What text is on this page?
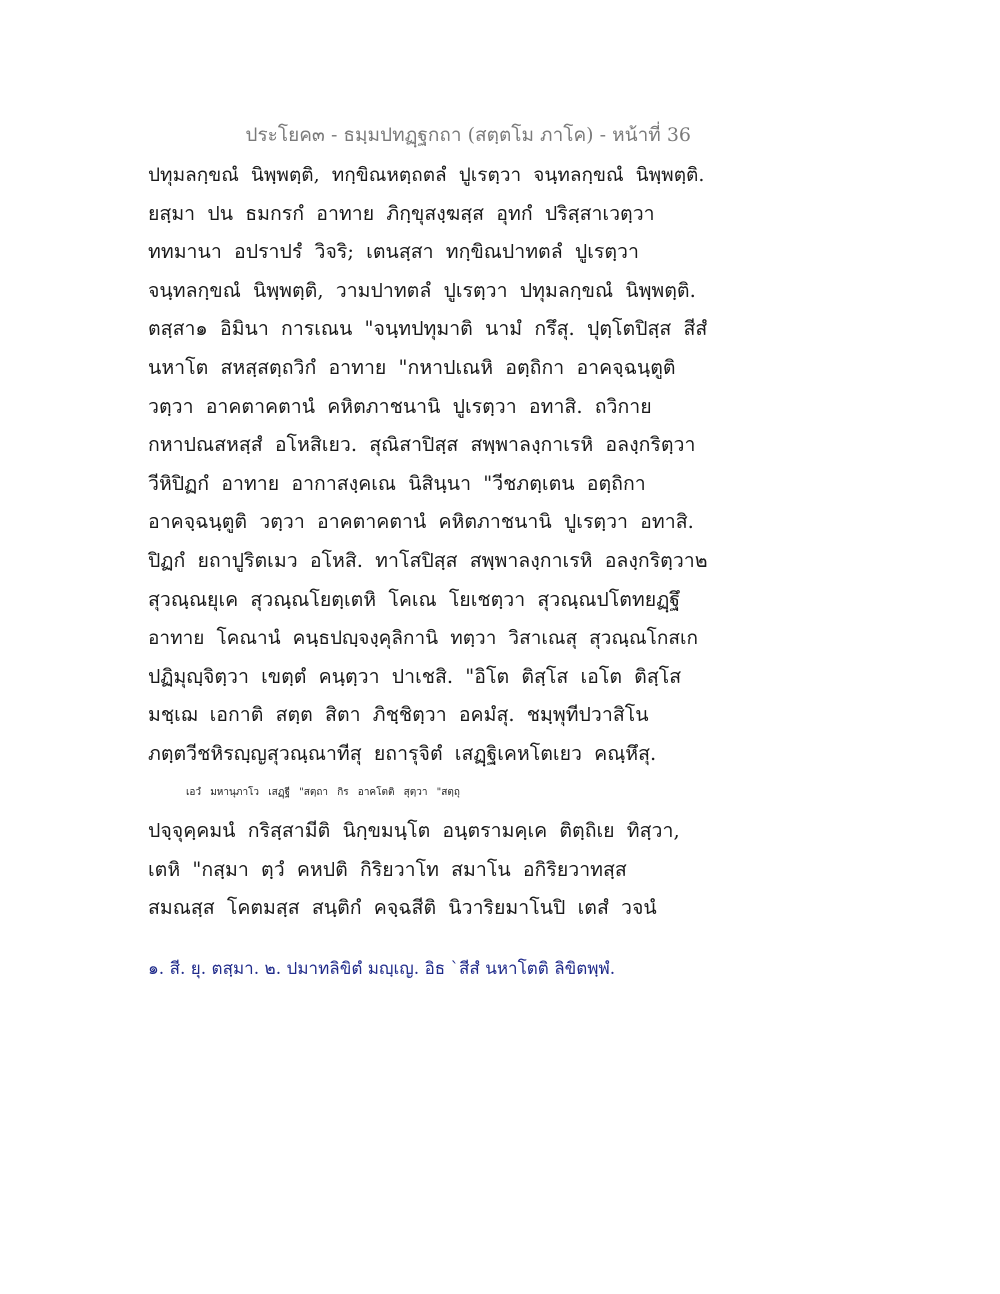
ประโยค๓ - ธมฺมปทฏฺฐกถา (สตฺตโม ภาโค) - หน้าที่ 36
ปทุมลกฺขณํ นิพฺพตฺติ, ทกฺขิณหตฺถตลํ ปูเรตฺวา จนฺทลกฺขณํ นิพฺพตฺติ.
ยสฺมา ปน ธมกรกํ อาทาย ภิกฺขุสงฺฆสฺส อุทกํ ปริสฺสาเวตฺวา
ททมานา อปราปรํ วิจริ; เตนสฺสา ทกฺขิณปาทตลํ ปูเรตฺวา
จนฺทลกฺขณํ นิพฺพตฺติ, วามปาทตลํ ปูเรตฺวา ปทุมลกฺขณํ นิพฺพตฺติ.
ตสฺสา๑ อิมินา การเณน "จนฺทปทุมาติ นามํ กรึสุ. ปุตฺโตปิสฺส สีสํ
นหาโต สหสฺสตฺถวิกํ อาทาย "กหาปเณหิ อตฺถิกา อาคจฺฉนฺตูติ
วตฺวา อาคตาคตานํ คหิตภาชนานิ ปูเรตฺวา อทาสิ. ถวิกาย
กหาปณสหสฺสํ อโหสิเยว. สุณิสาปิสฺส สพฺพาลงฺกาเรหิ อลงฺกริตฺวา
วีหิปิฏกํ อาทาย อากาสงฺคเณ นิสินฺนา "วีชภตฺเตน อตฺถิกา
อาคจฺฉนฺตูติ วตฺวา อาคตาคตานํ คหิตภาชนานิ ปูเรตฺวา อทาสิ.
ปิฏกํ ยถาปูริตเมว อโหสิ. ทาโสปิสฺส สพฺพาลงฺกาเรหิ อลงฺกริตฺวา๒
สุวณฺณยุเค สุวณฺณโยตฺเตหิ โคเณ โยเชตฺวา สุวณฺณปโตทยฏฺฐึ
อาทาย โคณานํ คนฺธปญฺจงฺคุลิกานิ ทตฺวา วิสาเณสุ สุวณฺณโกสเก
ปฏิมุญฺจิตฺวา เขตฺตํ คนฺตฺวา ปาเชสิ. "อิโต ติสฺโส เอโต ติสฺโส
มชฺเฌ เอกาติ สตฺต สิตา ภิชฺชิตฺวา อคมํสุ. ชมฺพุทีปวาสิโน
ภตฺตวีชหิรญฺญสุวณฺณาทีสุ ยถารุจิตํ เสฏฺฐิเคหโตเยว คณฺหึสุ.
เอวํ มหานุภาโว เสฏฺฐี "สตฺถา กิร อาคโตติ สุตฺวา "สตฺถุ
ปจฺจุคฺคมนํ กริสฺสามีติ นิกฺขมนฺโต อนฺตรามคฺเค ติตฺถิเย ทิสฺวา,
เตหิ "กสฺมา ตฺวํ คหปติ กิริยวาโท สมาโน อกิริยวาทสฺส
สมณสฺส โคตมสฺส สนฺติกํ คจฺฉสีติ นิวาริยมาโนปิ เตสํ วจนํ
๑. สี. ยุ. ตสฺมา. ๒. ปมาทลิขิตํ มญฺเญ. อิธ `สีสํ นหาโตติ ลิขิตพฺพํ.
